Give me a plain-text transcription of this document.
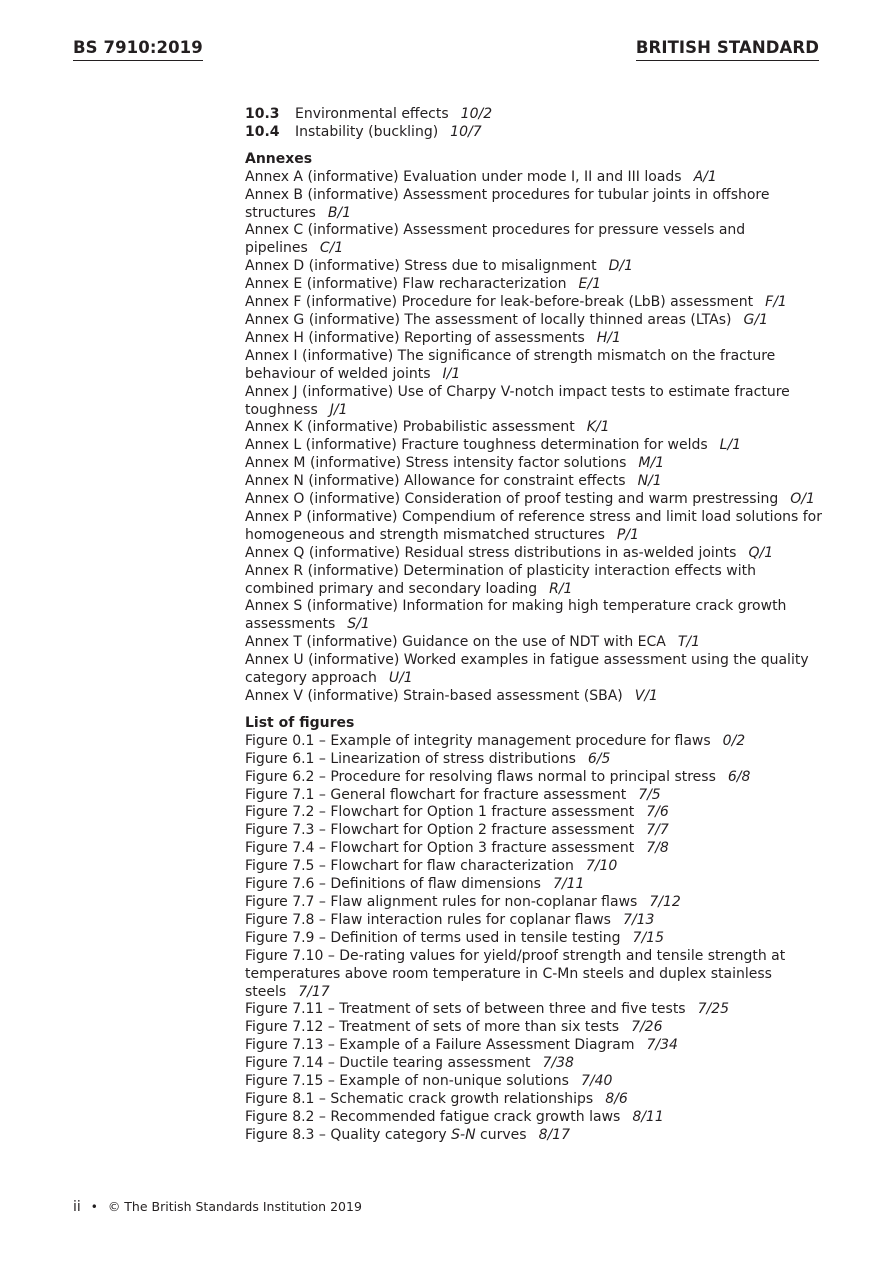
BS 7910:2019	BRITISH STANDARD
10.3 Environmental effects 10/2
10.4 Instability (buckling) 10/7
Annexes
Annex A (informative) Evaluation under mode I, II and III loads A/1
Annex B (informative) Assessment procedures for tubular joints in offshore structures B/1
Annex C (informative) Assessment procedures for pressure vessels and pipelines C/1
Annex D (informative) Stress due to misalignment D/1
Annex E (informative) Flaw recharacterization E/1
Annex F (informative) Procedure for leak-before-break (LbB) assessment F/1
Annex G (informative) The assessment of locally thinned areas (LTAs) G/1
Annex H (informative) Reporting of assessments H/1
Annex I (informative) The significance of strength mismatch on the fracture behaviour of welded joints I/1
Annex J (informative) Use of Charpy V-notch impact tests to estimate fracture toughness J/1
Annex K (informative) Probabilistic assessment K/1
Annex L (informative) Fracture toughness determination for welds L/1
Annex M (informative) Stress intensity factor solutions M/1
Annex N (informative) Allowance for constraint effects N/1
Annex O (informative) Consideration of proof testing and warm prestressing O/1
Annex P (informative) Compendium of reference stress and limit load solutions for homogeneous and strength mismatched structures P/1
Annex Q (informative) Residual stress distributions in as-welded joints Q/1
Annex R (informative) Determination of plasticity interaction effects with combined primary and secondary loading R/1
Annex S (informative) Information for making high temperature crack growth assessments S/1
Annex T (informative) Guidance on the use of NDT with ECA T/1
Annex U (informative) Worked examples in fatigue assessment using the quality category approach U/1
Annex V (informative) Strain-based assessment (SBA) V/1
List of figures
Figure 0.1 – Example of integrity management procedure for flaws 0/2
Figure 6.1 – Linearization of stress distributions 6/5
Figure 6.2 – Procedure for resolving flaws normal to principal stress 6/8
Figure 7.1 – General flowchart for fracture assessment 7/5
Figure 7.2 – Flowchart for Option 1 fracture assessment 7/6
Figure 7.3 – Flowchart for Option 2 fracture assessment 7/7
Figure 7.4 – Flowchart for Option 3 fracture assessment 7/8
Figure 7.5 – Flowchart for flaw characterization 7/10
Figure 7.6 – Definitions of flaw dimensions 7/11
Figure 7.7 – Flaw alignment rules for non-coplanar flaws 7/12
Figure 7.8 – Flaw interaction rules for coplanar flaws 7/13
Figure 7.9 – Definition of terms used in tensile testing 7/15
Figure 7.10 – De-rating values for yield/proof strength and tensile strength at temperatures above room temperature in C-Mn steels and duplex stainless steels 7/17
Figure 7.11 – Treatment of sets of between three and five tests 7/25
Figure 7.12 – Treatment of sets of more than six tests 7/26
Figure 7.13 – Example of a Failure Assessment Diagram 7/34
Figure 7.14 – Ductile tearing assessment 7/38
Figure 7.15 – Example of non-unique solutions 7/40
Figure 8.1 – Schematic crack growth relationships 8/6
Figure 8.2 – Recommended fatigue crack growth laws 8/11
Figure 8.3 – Quality category S-N curves 8/17
ii • © The British Standards Institution 2019
